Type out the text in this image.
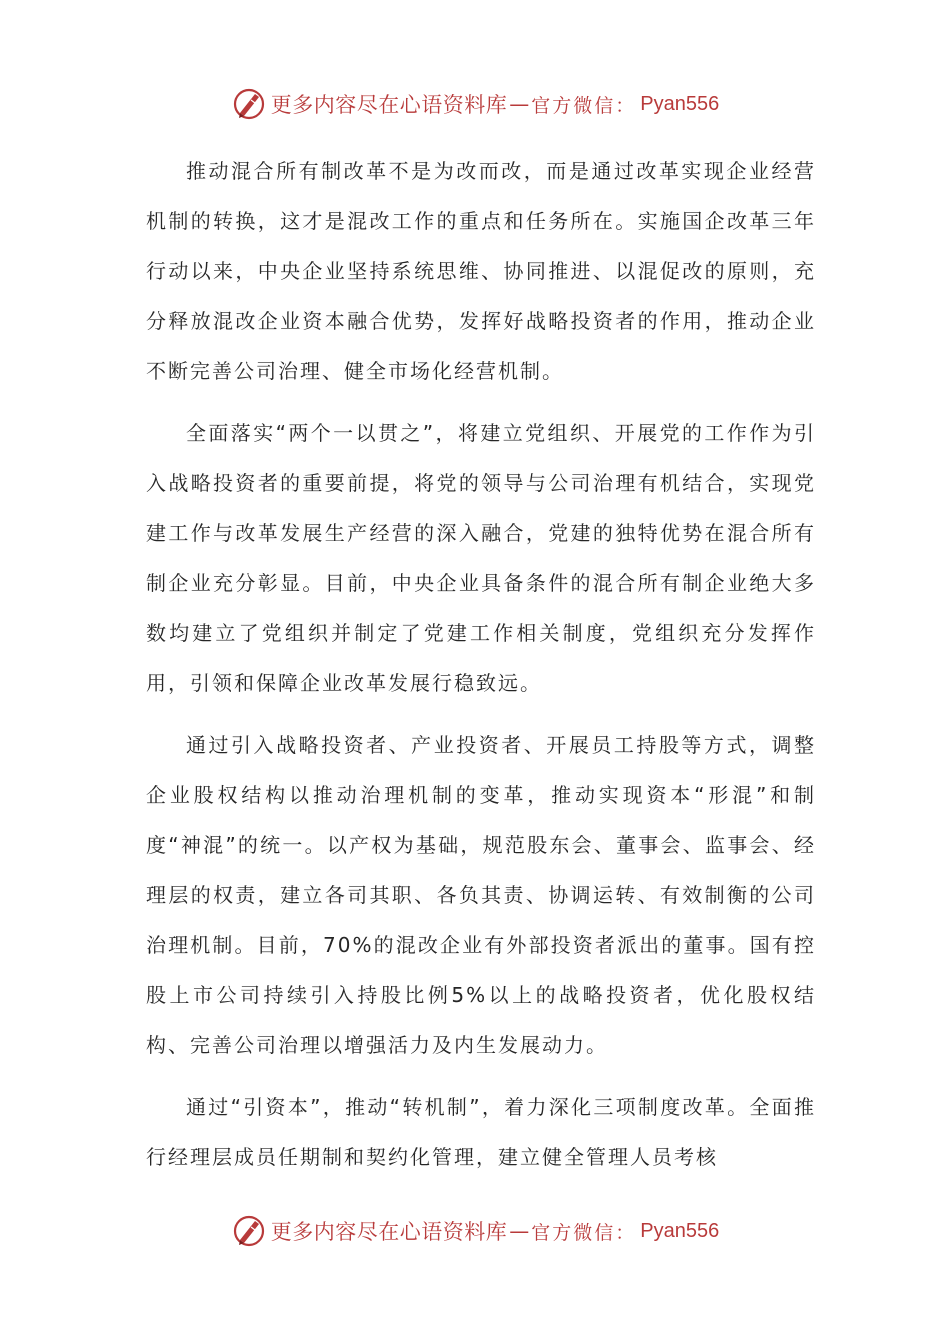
更多内容尽在心语资料库 — 官方微信： Pyan556

推动混合所有制改革不是为改而改，而是通过改革实现企业经营机制的转换，这才是混改工作的重点和任务所在。实施国企改革三年行动以来，中央企业坚持系统思维、协同推进、以混促改的原则，充分释放混改企业资本融合优势，发挥好战略投资者的作用，推动企业不断完善公司治理、健全市场化经营机制。

全面落实“两个一以贯之”，将建立党组织、开展党的工作作为引入战略投资者的重要前提，将党的领导与公司治理有机结合，实现党建工作与改革发展生产经营的深入融合，党建的独特优势在混合所有制企业充分彰显。目前，中央企业具备条件的混合所有制企业绝大多数均建立了党组织并制定了党建工作相关制度，党组织充分发挥作用，引领和保障企业改革发展行稳致远。

通过引入战略投资者、产业投资者、开展员工持股等方式，调整企业股权结构以推动治理机制的变革，推动实现资本“形混”和制度“神混”的统一。以产权为基础，规范股东会、董事会、监事会、经理层的权责，建立各司其职、各负其责、协调运转、有效制衡的公司治理机制。目前，70%的混改企业有外部投资者派出的董事。国有控股上市公司持续引入持股比例5%以上的战略投资者，优化股权结构、完善公司治理以增强活力及内生发展动力。

通过“引资本”，推动“转机制”，着力深化三项制度改革。全面推行经理层成员任期制和契约化管理，建立健全管理人员考核

更多内容尽在心语资料库 — 官方微信： Pyan556
